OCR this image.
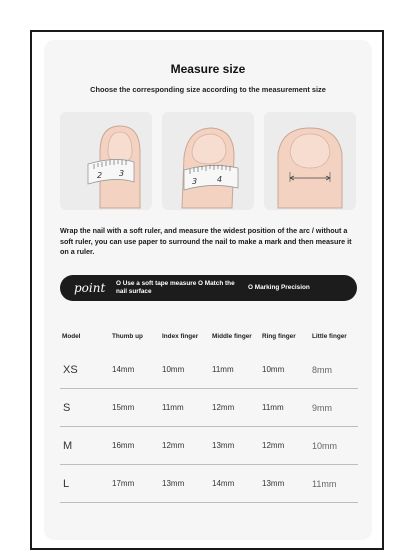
Measure size
Choose the corresponding size according to the measurement size
2 3
3 4
Wrap the nail with a soft ruler, and measure the widest position of the arc / without a soft ruler, you can use paper to surround the nail to make a mark and then measure it on a ruler.
point O Use a soft tape measure O Match the nail surface
O Marking Precision
Model	Thumb up	Index finger	Middle finger	Ring finger	Little finger
XS	14mm	10mm	11mm	10mm	8mm
S	15mm	11mm	12mm	11mm	9mm
M	16mm	12mm	13mm	12mm	10mm
L	17mm	13mm	14mm	13mm	11mm
